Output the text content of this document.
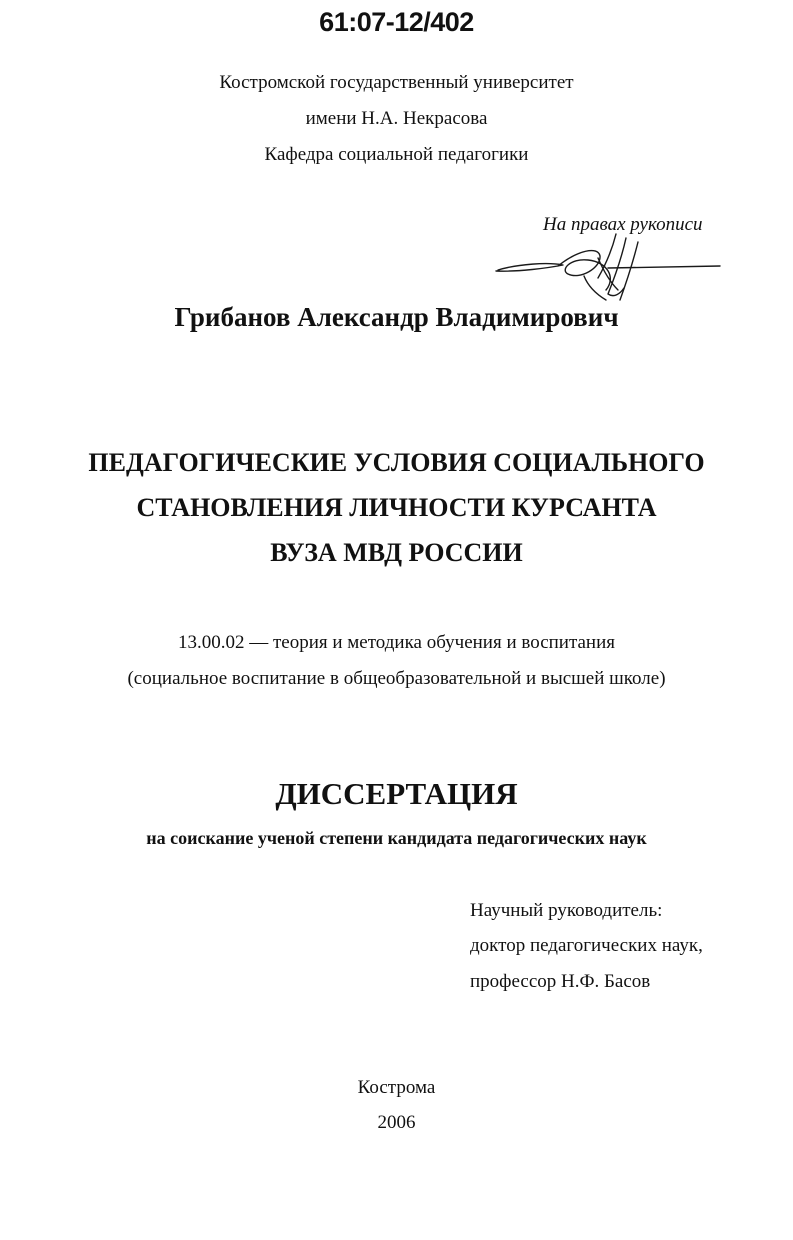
61:07-12/402
Костромской государственный университет
имени Н.А. Некрасова
Кафедра социальной педагогики
На правах рукописи
Грибанов Александр Владимирович
ПЕДАГОГИЧЕСКИЕ УСЛОВИЯ СОЦИАЛЬНОГО
СТАНОВЛЕНИЯ ЛИЧНОСТИ КУРСАНТА
ВУЗА МВД РОССИИ
13.00.02 — теория и методика обучения и воспитания
(социальное воспитание в общеобразовательной и высшей школе)
ДИССЕРТАЦИЯ
на соискание ученой степени кандидата педагогических наук
Научный руководитель:
доктор педагогических наук,
профессор Н.Ф. Басов
Кострома
2006
